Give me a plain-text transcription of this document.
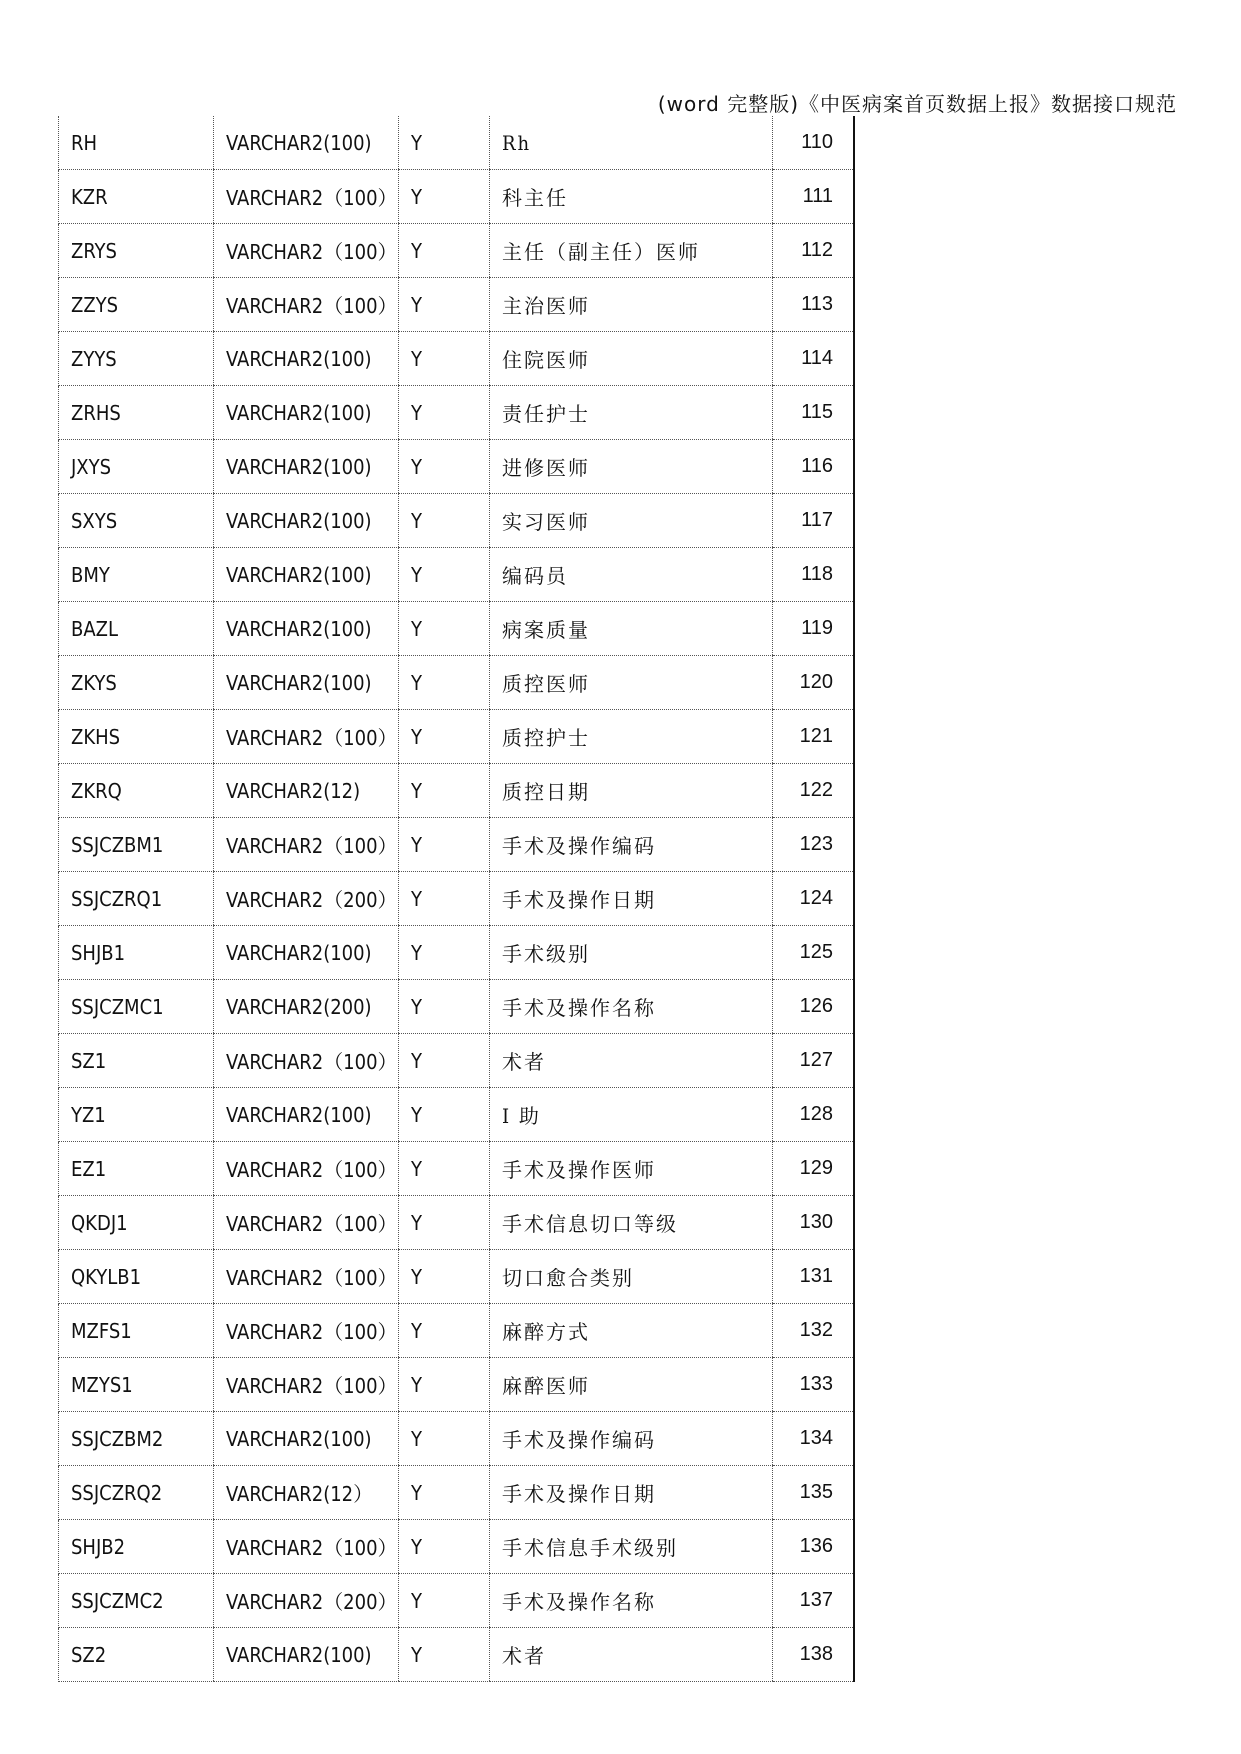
(word 完整版)《中医病案首页数据上报》数据接口规范
RH	VARCHAR2(100)	Y	Rh	110
KZR	VARCHAR2（100）	Y	科主任	111
ZRYS	VARCHAR2（100）	Y	主任（副主任）医师	112
ZZYS	VARCHAR2（100）	Y	主治医师	113
ZYYS	VARCHAR2(100)	Y	住院医师	114
ZRHS	VARCHAR2(100)	Y	责任护士	115
JXYS	VARCHAR2(100)	Y	进修医师	116
SXYS	VARCHAR2(100)	Y	实习医师	117
BMY	VARCHAR2(100)	Y	编码员	118
BAZL	VARCHAR2(100)	Y	病案质量	119
ZKYS	VARCHAR2(100)	Y	质控医师	120
ZKHS	VARCHAR2（100）	Y	质控护士	121
ZKRQ	VARCHAR2(12)	Y	质控日期	122
SSJCZBM1	VARCHAR2（100）	Y	手术及操作编码	123
SSJCZRQ1	VARCHAR2（200）	Y	手术及操作日期	124
SHJB1	VARCHAR2(100)	Y	手术级别	125
SSJCZMC1	VARCHAR2(200)	Y	手术及操作名称	126
SZ1	VARCHAR2（100）	Y	术者	127
YZ1	VARCHAR2(100)	Y	I 助	128
EZ1	VARCHAR2（100）	Y	手术及操作医师	129
QKDJ1	VARCHAR2（100）	Y	手术信息切口等级	130
QKYLB1	VARCHAR2（100）	Y	切口愈合类别	131
MZFS1	VARCHAR2（100）	Y	麻醉方式	132
MZYS1	VARCHAR2（100）	Y	麻醉医师	133
SSJCZBM2	VARCHAR2(100)	Y	手术及操作编码	134
SSJCZRQ2	VARCHAR2(12）	Y	手术及操作日期	135
SHJB2	VARCHAR2（100）	Y	手术信息手术级别	136
SSJCZMC2	VARCHAR2（200）	Y	手术及操作名称	137
SZ2	VARCHAR2(100)	Y	术者	138
